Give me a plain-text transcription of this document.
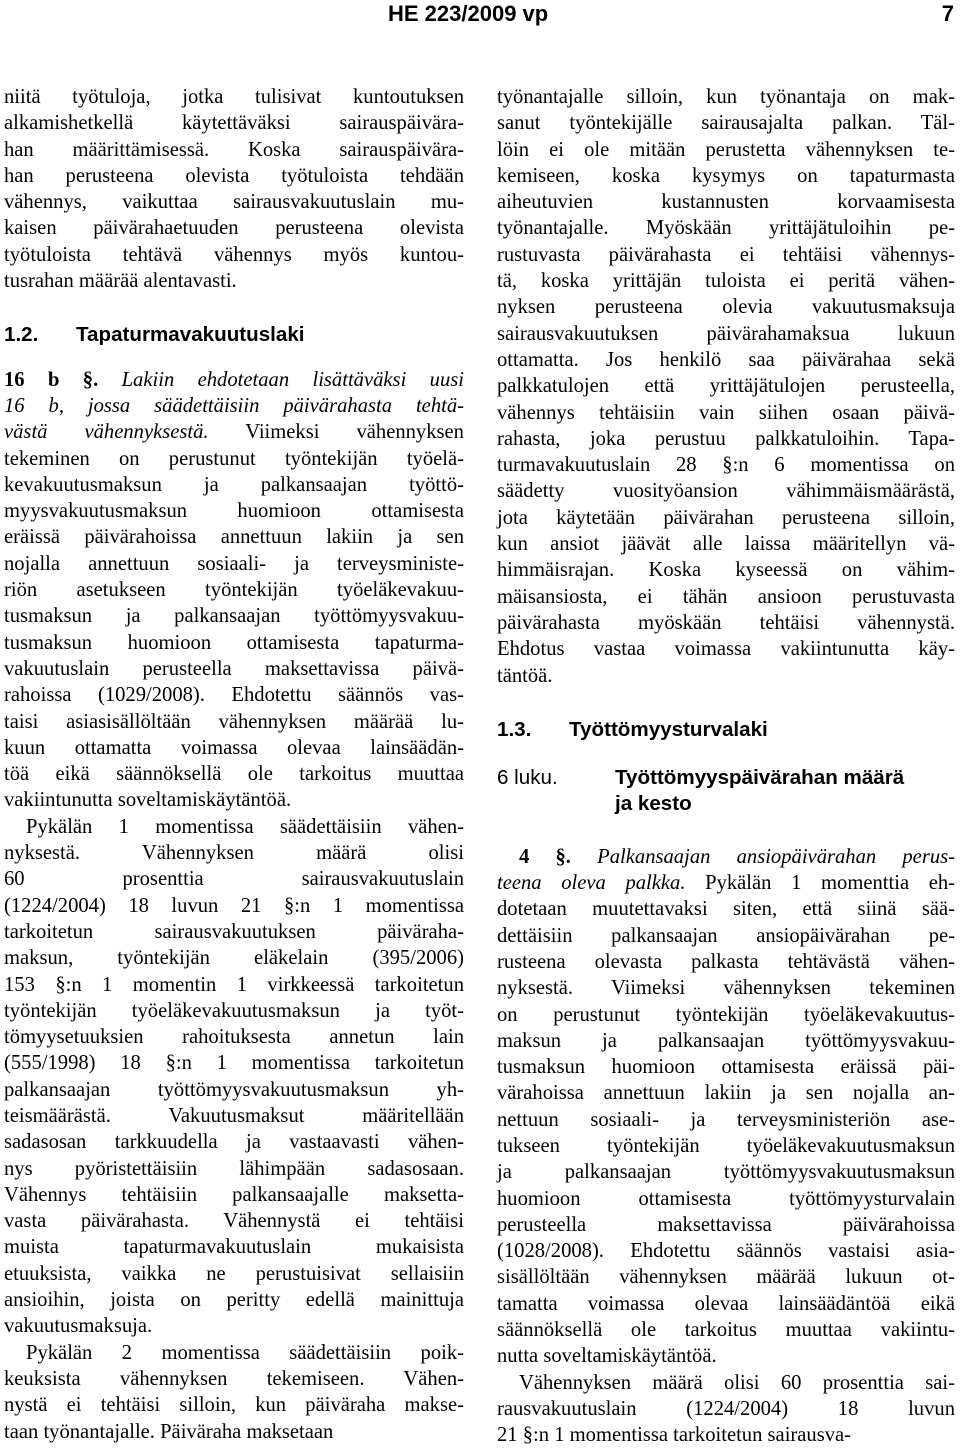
HE 223/2009 vp	7
niitä työtuloja, jotka tulisivat kuntoutuksen
alkamishetkellä käytettäväksi sairauspäivära-
han määrittämisessä. Koska sairauspäivära-
han perusteena olevista työtuloista tehdään
vähennys, vaikuttaa sairausvakuutuslain mu-
kaisen päivärahaetuuden perusteena olevista
työtuloista tehtävä vähennys myös kuntou-
tusrahan määrää alentavasti.
1.2. Tapaturmavakuutuslaki
16 b §. Lakiin ehdotetaan lisättäväksi uusi
16 b, jossa säädettäisiin päivärahasta tehtä-
västä vähennyksestä. Viimeksi vähennyksen
tekeminen on perustunut työntekijän työelä-
kevakuutusmaksun ja palkansaajan työttö-
myysvakuutusmaksun huomioon ottamisesta
eräissä päivärahoissa annettuun lakiin ja sen
nojalla annettuun sosiaali- ja terveysministe-
riön asetukseen työntekijän työeläkevakuu-
tusmaksun ja palkansaajan työttömyysvakuu-
tusmaksun huomioon ottamisesta tapaturma-
vakuutuslain perusteella maksettavissa päivä-
rahoissa (1029/2008). Ehdotettu säännös vas-
taisi asiasisällöltään vähennyksen määrää lu-
kuun ottamatta voimassa olevaa lainsäädän-
töä eikä säännöksellä ole tarkoitus muuttaa
vakiintunutta soveltamiskäytäntöä.
Pykälän 1 momentissa säädettäisiin vähen-
nyksestä. Vähennyksen määrä olisi
60 prosenttia sairausvakuutuslain
(1224/2004) 18 luvun 21 §:n 1 momentissa
tarkoitetun sairausvakuutuksen päivärаha-
maksun, työntekijän eläkelain (395/2006)
153 §:n 1 momentin 1 virkkeessä tarkoitetun
työntekijän työeläkevakuutusmaksun ja työt-
tömyysetuuksien rahoituksesta annetun lain
(555/1998) 18 §:n 1 momentissa tarkoitetun
palkansaajan työttömyysvakuutusmaksun yh-
teismäärästä. Vakuutusmaksut määritellään
sadasosan tarkkuudella ja vastaavasti vähen-
nys pyöristettäisiin lähimpään sadasosaan.
Vähennys tehtäisiin palkansaajalle maksetta-
vasta päivärahasta. Vähennystä ei tehtäisi
muista tapaturmavakuutuslain mukaisista
etuuksista, vaikka ne perustuisivat sellaisiin
ansioihin, joista on peritty edellä mainittuja
vakuutusmaksuja.
Pykälän 2 momentissa säädettäisiin poik-
keuksista vähennyksen tekemiseen. Vähen-
nystä ei tehtäisi silloin, kun päiväraha makse-
taan työnantajalle. Päiväraha maksetaan
työnantajalle silloin, kun työnantaja on mak-
sanut työntekijälle sairausajalta palkan. Täl-
löin ei ole mitään perustetta vähennyksen te-
kemiseen, koska kysymys on tapaturmasta
aiheutuvien kustannusten korvaamisesta
työnantajalle. Myöskään yrittäjätuloihin pe-
rustuvasta päivärahasta ei tehtäisi vähennys-
tä, koska yrittäjän tuloista ei peritä vähen-
nyksen perusteena olevia vakuutusmaksuja
sairausvakuutuksen päivärahamaksua lukuun
ottamatta. Jos henkilö saa päivärahaa sekä
palkkatulojen että yrittäjätulojen perusteella,
vähennys tehtäisiin vain siihen osaan päivä-
rahasta, joka perustuu palkkatuloihin. Tapa-
turmavakuutuslain 28 §:n 6 momentissa on
säädetty vuosityöansion vähimmäismäärästä,
jota käytetään päivärahan perusteena silloin,
kun ansiot jäävät alle laissa määritellyn vä-
himmäisrajan. Koska kyseessä on vähim-
mäisansiosta, ei tähän ansioon perustuvasta
päivärahasta myöskään tehtäisi vähennystä.
Ehdotus vastaa voimassa vakiintunutta käy-
täntöä.
1.3. Työttömyysturvalaki
6 luku.	Työttömyyspäivärahan määrä
ja kesto
4 §. Palkansaajan ansiopäivärahan perus-
teena oleva palkka. Pykälän 1 momenttia eh-
dotetaan muutettavaksi siten, että siinä sää-
dettäisiin palkansaajan ansiopäivärahan pe-
rusteena olevasta palkasta tehtävästä vähen-
nyksestä. Viimeksi vähennyksen tekeminen
on perustunut työntekijän työeläkevakuutus-
maksun ja palkansaajan työttömyysvakuu-
tusmaksun huomioon ottamisesta eräissä päi-
värahoissa annettuun lakiin ja sen nojalla an-
nettuun sosiaali- ja terveysministeriön ase-
tukseen työntekijän työeläkevakuutusmaksun
ja palkansaajan työttömyysvakuutusmaksun
huomioon ottamisesta työttömyysturvalain
perusteella maksettavissa päivärahoissa
(1028/2008). Ehdotettu säännös vastaisi asia-
sisällöltään vähennyksen määrää lukuun ot-
tamatta voimassa olevaa lainsäädäntöä eikä
säännöksellä ole tarkoitus muuttaa vakiintu-
nutta soveltamiskäytäntöä.
Vähennyksen määrä olisi 60 prosenttia sai-
rausvakuutuslain (1224/2004) 18 luvun
21 §:n 1 momentissa tarkoitetun sairausva-
